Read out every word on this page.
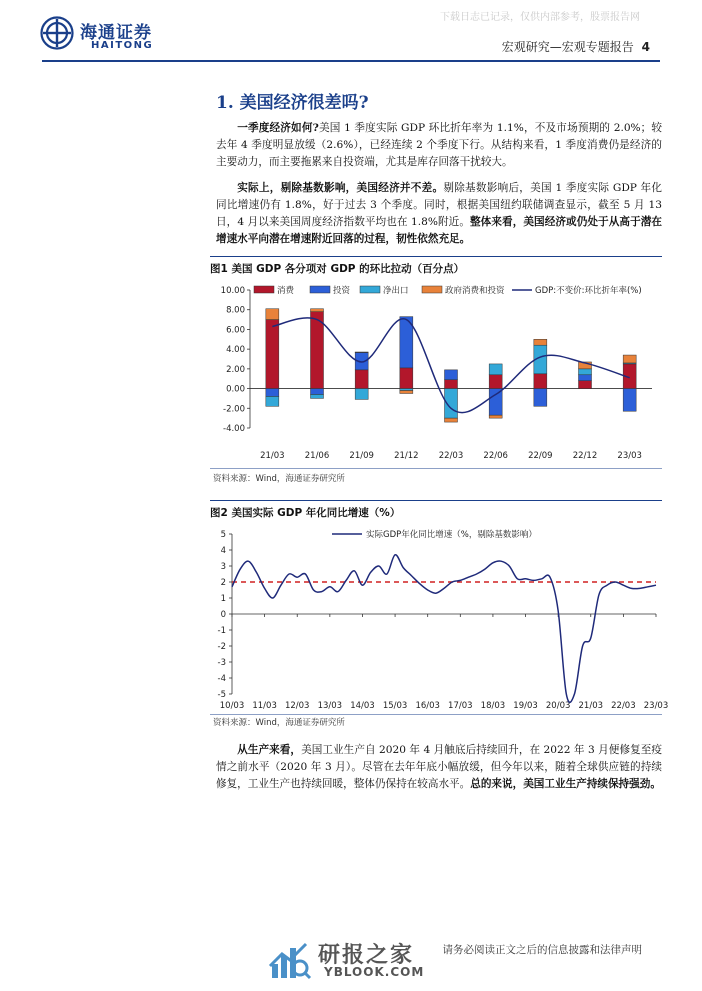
下载日志已记录，仅供内部参考，股票报告网
海通证券
HAITONG	宏观研究—宏观专题报告 4
1. 美国经济很差吗?
一季度经济如何?美国 1 季度实际 GDP 环比折年率为 1.1%，不及市场预期的 2.0%；较去年 4 季度明显放缓（2.6%），已经连续 2 个季度下行。从结构来看，1 季度消费仍是经济的主要动力，而主要拖累来自投资端，尤其是库存回落干扰较大。
实际上，剔除基数影响，美国经济并不差。剔除基数影响后，美国 1 季度实际 GDP 年化同比增速仍有 1.8%，好于过去 3 个季度。同时，根据美国纽约联储调查显示，截至 5 月 13 日，4 月以来美国周度经济指数平均也在 1.8%附近。整体来看，美国经济或仍处于从高于潜在增速水平向潜在增速附近回落的过程，韧性依然充足。
图1 美国 GDP 各分项对 GDP 的环比拉动（百分点）
消费	投资	净出口	政府消费和投资	GDP:不变价:环比折年率(%)
10.00
8.00
6.00
4.00
2.00
0.00
-2.00
-4.00
21/03 21/06 21/09 21/12 22/03 22/06 22/09 22/12 23/03
资料来源：Wind，海通证券研究所
图2 美国实际 GDP 年化同比增速（%）
实际GDP年化同比增速（%，剔除基数影响）
5
4
3
2
1
0
-1
-2
-3
-4
-5
10/03 11/03 12/03 13/03 14/03 15/03 16/03 17/03 18/03 19/03 20/03 21/03 22/03 23/03
资料来源：Wind，海通证券研究所
从生产来看，美国工业生产自 2020 年 4 月触底后持续回升，在 2022 年 3 月便修复至疫情之前水平（2020 年 3 月）。尽管在去年年底小幅放缓，但今年以来，随着全球供应链的持续修复，工业生产也持续回暖，整体仍保持在较高水平。总的来说，美国工业生产持续保持强劲。
研报之家
YBLOOK.COM
请务必阅读正文之后的信息披露和法律声明
